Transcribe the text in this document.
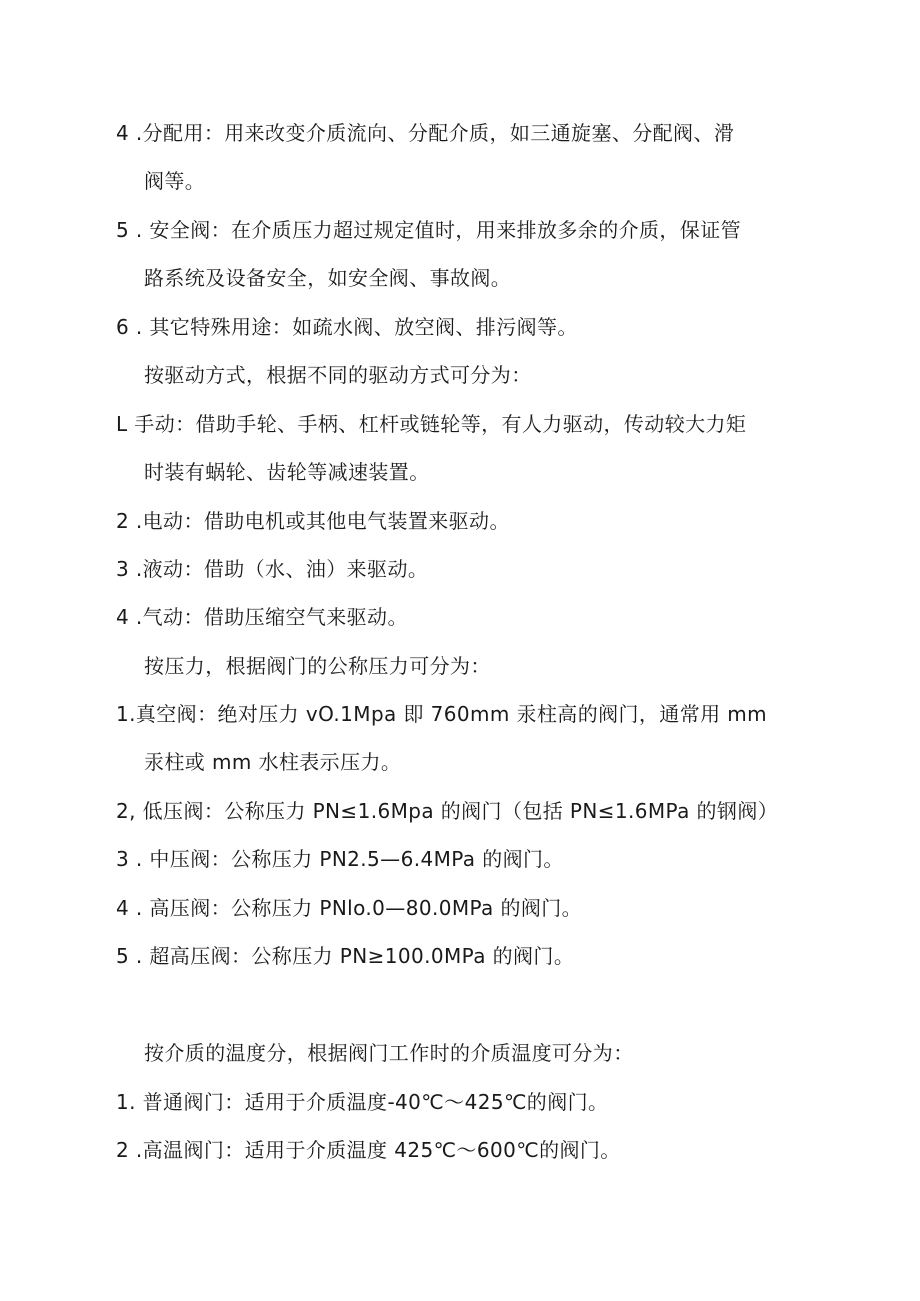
4 .分配用：用来改变介质流向、分配介质，如三通旋塞、分配阀、滑
阀等。
5 . 安全阀：在介质压力超过规定值时，用来排放多余的介质，保证管
路系统及设备安全，如安全阀、事故阀。
6 . 其它特殊用途：如疏水阀、放空阀、排污阀等。
按驱动方式，根据不同的驱动方式可分为：
L 手动：借助手轮、手柄、杠杆或链轮等，有人力驱动，传动较大力矩
时装有蜗轮、齿轮等减速装置。
2 .电动：借助电机或其他电气装置来驱动。
3 .液动：借助（水、油）来驱动。
4 .气动：借助压缩空气来驱动。
按压力，根据阀门的公称压力可分为：
1.真空阀：绝对压力 vO.1Mpa 即 760mm 汞柱高的阀门，通常用 mm
汞柱或 mm 水柱表示压力。
2, 低压阀：公称压力 PN≤1.6Mpa 的阀门（包括 PN≤1.6MPa 的钢阀）
3 . 中压阀：公称压力 PN2.5—6.4MPa 的阀门。
4 . 高压阀：公称压力 PNlo.0—80.0MPa 的阀门。
5 . 超高压阀：公称压力 PN≥100.0MPa 的阀门。
按介质的温度分，根据阀门工作时的介质温度可分为：
1. 普通阀门：适用于介质温度-40℃～425℃的阀门。
2 .高温阀门：适用于介质温度 425℃～600℃的阀门。
